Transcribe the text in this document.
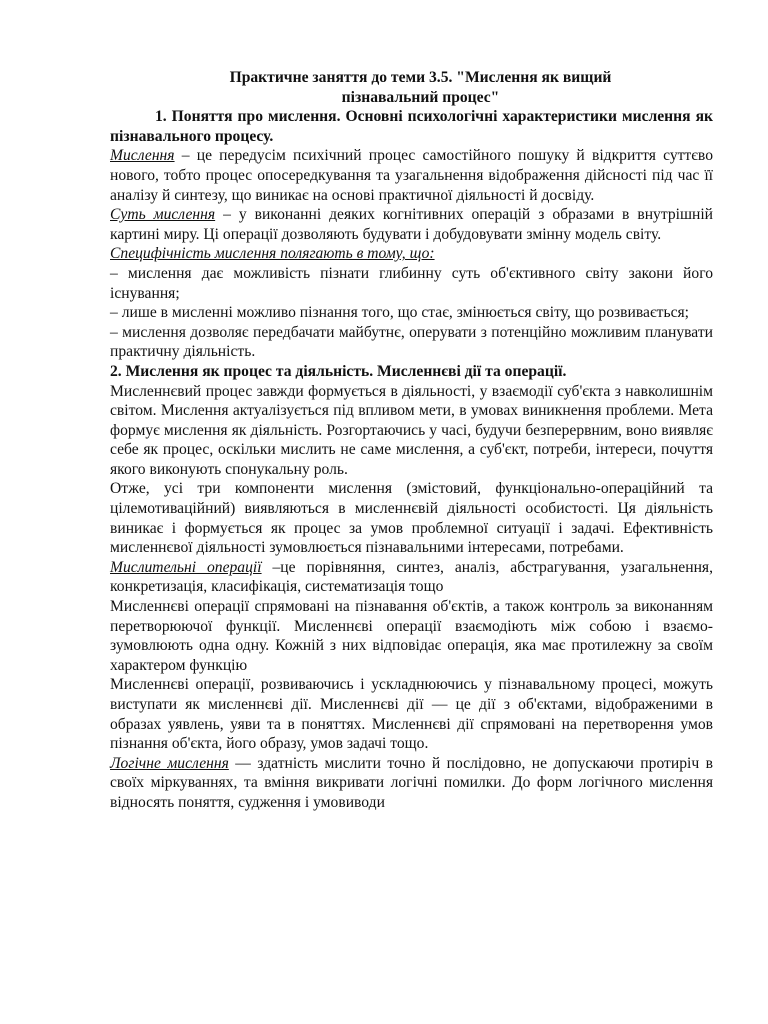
Практичне заняття до теми 3.5. "Мислення як вищий
пізнавальний процес"

1. Поняття про мислення. Основні психологічні характеристики мислення як пізнавального процесу.

Мислення – це передусім психічний процес самостійного пошуку й відкриття суттєво нового, тобто процес опосередкування та узагальнення відображення дійсності під час її аналізу й синтезу, що виникає на основі практичної діяльності й досвіду.

Суть мислення – у виконанні деяких когнітивних операцій з образами в внутрішній картині миру. Ці операції дозволяють будувати і добудовувати змінну модель світу.

Специфічність мислення полягають в тому, що:

– мислення дає можливість пізнати глибинну суть об'єктивного світу закони його існування;

– лише в мисленні можливо пізнання того, що стає, змінюється світу, що розвивається;

– мислення дозволяє передбачати майбутнє, оперувати з потенційно можливим планувати практичну діяльність.

2. Мислення як процес та діяльність. Мисленнєві дії та операції.

Мисленнєвий процес завжди формується в діяльності, у взаємодії суб'єкта з навколишнім світом. Мислення актуалізується під впливом мети, в умовах виникнення проблеми. Мета формує мислення як діяльність. Розгортаючись у часі, будучи безперервним, воно виявляє себе як процес, оскільки мислить не саме мислення, а суб'єкт, потреби, інтереси, почуття якого виконують спонукальну роль.

Отже, усі три компоненти мислення (змістовий, функціонально-операційний та цілемотиваційний) виявляються в мисленнєвій діяльності особистості. Ця діяльність виникає і формується як процес за умов проблемної ситуації і задачі. Ефективність мисленнєвої діяльності зумовлюється пізнавальними інтересами, потребами.

Мислительні операції –це порівняння, синтез, аналіз, абстрагування, узагальнення, конкретизація, класифікація, систематизація тощо

Мисленнєві операції спрямовані на пізнавання об'єктів, а також контроль за виконанням перетворюючої функції. Мисленнєві операції взаємодіють між собою і взаємо-зумовлюють одна одну. Кожній з них відповідає операція, яка має протилежну за своїм характером функцію

Мисленнєві операції, розвиваючись і ускладнюючись у пізнавальному процесі, можуть виступати як мисленнєві дії. Мисленнєві дії — це дії з об'єктами, відображеними в образах уявлень, уяви та в поняттях. Мисленнєві дії спрямовані на перетворення умов пізнання об'єкта, його образу, умов задачі тощо.

Логічне мислення — здатність мислити точно й послідовно, не допускаючи протиріч в своїх міркуваннях, та вміння викривати логічні помилки. До форм логічного мислення відносять поняття, судження і умовиводи
